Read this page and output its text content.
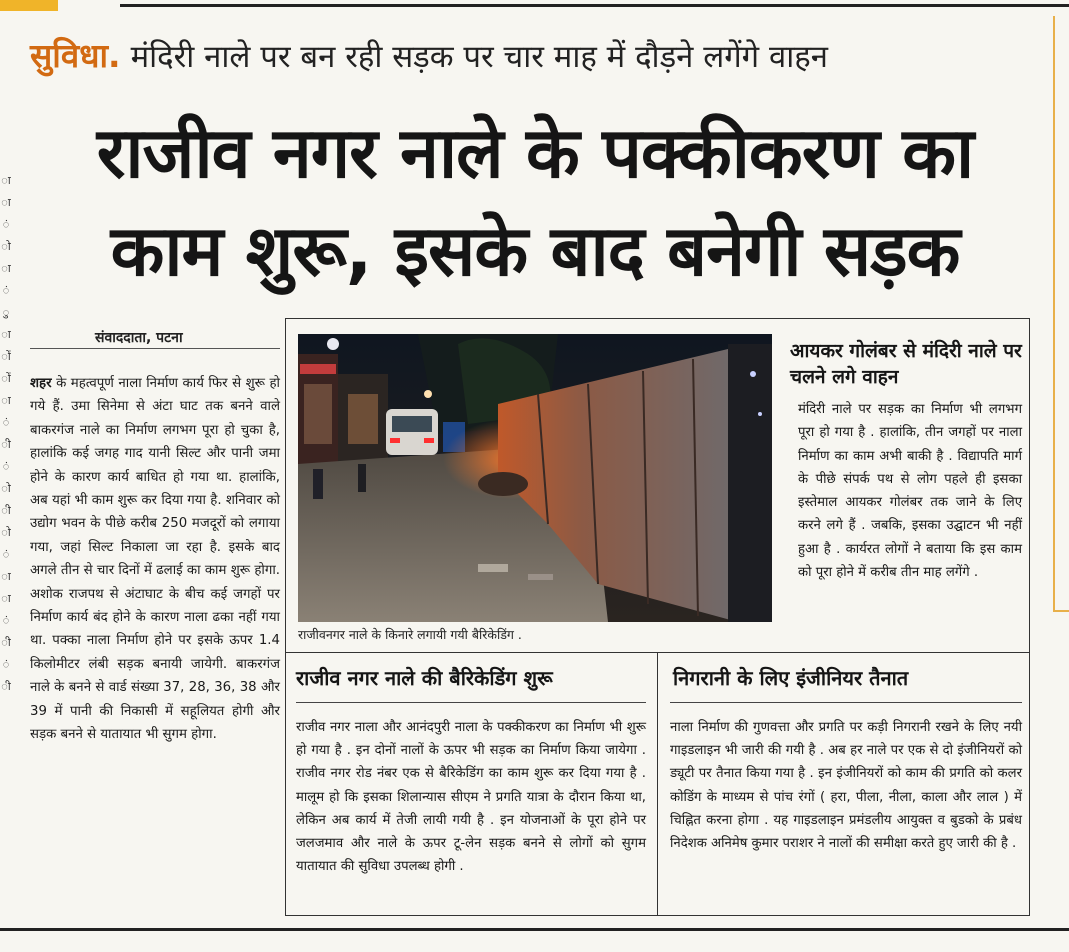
ा
ा
ं
ो
ा
ं
ु
ा
ों
ों
ा
ं
ी
ं
ो
ी
ो
ं
ा
ा
ं
ी
ं
ी
सुविधा. मंदिरी नाले पर बन रही सड़क पर चार माह में दौड़ने लगेंगे वाहन
राजीव नगर नाले के पक्कीकरण का
काम शुरू, इसके बाद बनेगी सड़क
संवाददाता, पटना
शहर के महत्वपूर्ण नाला निर्माण कार्य फिर से शुरू हो गये हैं. उमा सिनेमा से अंटा घाट तक बनने वाले बाकरगंज नाले का निर्माण लगभग पूरा हो चुका है, हालांकि कई जगह गाद यानी सिल्ट और पानी जमा होने के कारण कार्य बाधित हो गया था. हालांकि, अब यहां भी काम शुरू कर दिया गया है. शनिवार को उद्योग भवन के पीछे करीब 250 मजदूरों को लगाया गया, जहां सिल्ट निकाला जा रहा है. इसके बाद अगले तीन से चार दिनों में ढलाई का काम शुरू होगा. अशोक राजपथ से अंटाघाट के बीच कई जगहों पर निर्माण कार्य बंद होने के कारण नाला ढका नहीं गया था. पक्का नाला निर्माण होने पर इसके ऊपर 1.4 किलोमीटर लंबी सड़क बनायी जायेगी. बाकरगंज नाले के बनने से वार्ड संख्या 37, 28, 36, 38 और 39 में पानी की निकासी में सहूलियत होगी और सड़क बनने से यातायात भी सुगम होगा.
राजीवनगर नाले के किनारे लगायी गयी बैरिकेडिंग .
आयकर गोलंबर से मंदिरी नाले पर चलने लगे वाहन
मंदिरी नाले पर सड़क का निर्माण भी लगभग पूरा हो गया है . हालांकि, तीन जगहों पर नाला निर्माण का काम अभी बाकी है . विद्यापति मार्ग के पीछे संपर्क पथ से लोग पहले ही इसका इस्तेमाल आयकर गोलंबर तक जाने के लिए करने लगे हैं . जबकि, इसका उद्घाटन भी नहीं हुआ है . कार्यरत लोगों ने बताया कि इस काम को पूरा होने में करीब तीन माह लगेंगे .
राजीव नगर नाले की बैरिकेडिंग शुरू
राजीव नगर नाला और आनंदपुरी नाला के पक्कीकरण का निर्माण भी शुरू हो गया है . इन दोनों नालों के ऊपर भी सड़क का निर्माण किया जायेगा . राजीव नगर रोड नंबर एक से बैरिकेडिंग का काम शुरू कर दिया गया है . मालूम हो कि इसका शिलान्यास सीएम ने प्रगति यात्रा के दौरान किया था, लेकिन अब कार्य में तेजी लायी गयी है . इन योजनाओं के पूरा होने पर जलजमाव और नाले के ऊपर टू-लेन सड़क बनने से लोगों को सुगम यातायात की सुविधा उपलब्ध होगी .
निगरानी के लिए इंजीनियर तैनात
नाला निर्माण की गुणवत्ता और प्रगति पर कड़ी निगरानी रखने के लिए नयी गाइडलाइन भी जारी की गयी है . अब हर नाले पर एक से दो इंजीनियरों को ड्यूटी पर तैनात किया गया है . इन इंजीनियरों को काम की प्रगति को कलर कोडिंग के माध्यम से पांच रंगों ( हरा, पीला, नीला, काला और लाल ) में चिह्नित करना होगा . यह गाइडलाइन प्रमंडलीय आयुक्त व बुडको के प्रबंध निदेशक अनिमेष कुमार पराशर ने नालों की समीक्षा करते हुए जारी की है .
